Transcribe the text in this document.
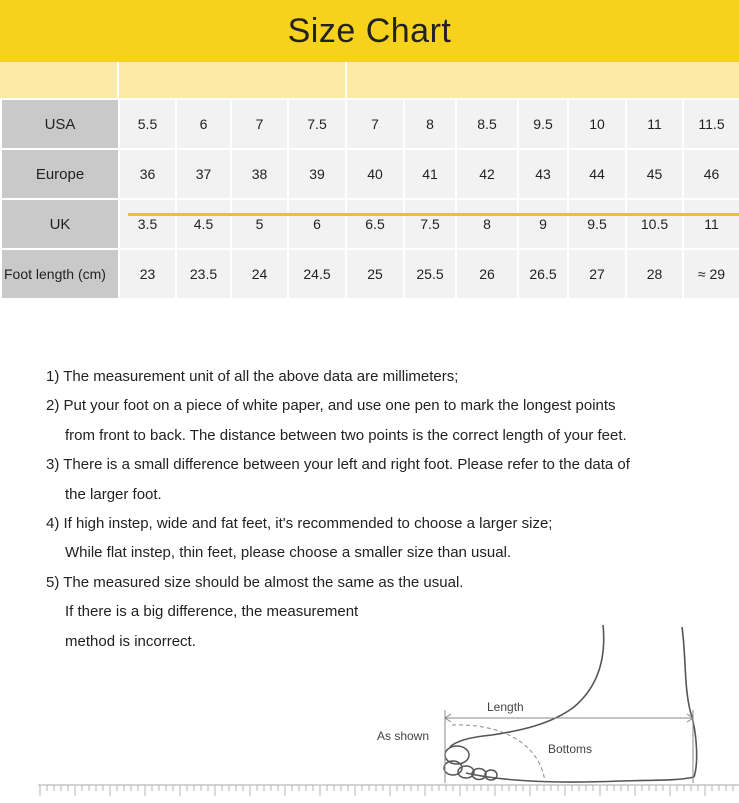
Size Chart
USA	5.5	6	7	7.5	7	8	8.5	9.5	10	11	11.5
Europe	36	37	38	39	40	41	42	43	44	45	46
UK	3.5	4.5	5	6	6.5	7.5	8	9	9.5	10.5	11
Foot length (cm)	23	23.5	24	24.5	25	25.5	26	26.5	27	28	≈ 29

1) The measurement unit of all the above data are millimeters;

2) Put your foot on a piece of white paper, and use one pen to mark the longest points

from front to back. The distance between two points is the correct length of your feet.

3) There is a small difference between your left and right foot. Please refer to the data of

the larger foot.

4) If high instep, wide and fat feet, it's recommended to choose a larger size;

While flat instep, thin feet, please choose a smaller size than usual.

5) The measured size should be almost the same as the usual.

If there is a big difference, the measurement

method is incorrect.

Length
As shown
Bottoms
